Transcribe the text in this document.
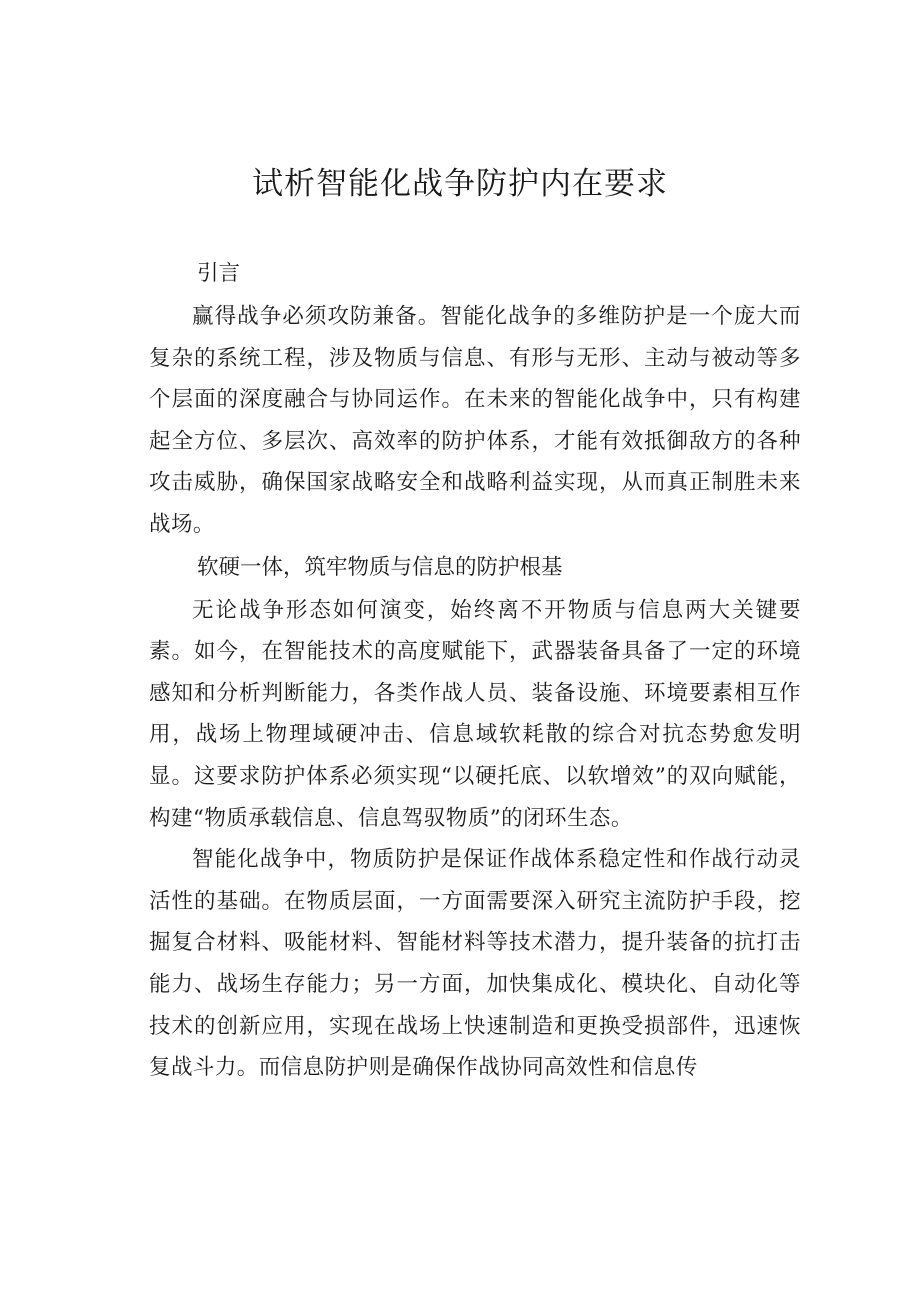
试析智能化战争防护内在要求
引言

赢得战争必须攻防兼备。智能化战争的多维防护是一个庞大而复杂的系统工程，涉及物质与信息、有形与无形、主动与被动等多个层面的深度融合与协同运作。在未来的智能化战争中，只有构建起全方位、多层次、高效率的防护体系，才能有效抵御敌方的各种攻击威胁，确保国家战略安全和战略利益实现，从而真正制胜未来战场。

软硬一体，筑牢物质与信息的防护根基

无论战争形态如何演变，始终离不开物质与信息两大关键要素。如今，在智能技术的高度赋能下，武器装备具备了一定的环境感知和分析判断能力，各类作战人员、装备设施、环境要素相互作用，战场上物理域硬冲击、信息域软耗散的综合对抗态势愈发明显。这要求防护体系必须实现“以硬托底、以软增效”的双向赋能，构建“物质承载信息、信息驾驭物质”的闭环生态。

智能化战争中，物质防护是保证作战体系稳定性和作战行动灵活性的基础。在物质层面，一方面需要深入研究主流防护手段，挖掘复合材料、吸能材料、智能材料等技术潜力，提升装备的抗打击能力、战场生存能力；另一方面，加快集成化、模块化、自动化等技术的创新应用，实现在战场上快速制造和更换受损部件，迅速恢复战斗力。而信息防护则是确保作战协同高效性和信息传
